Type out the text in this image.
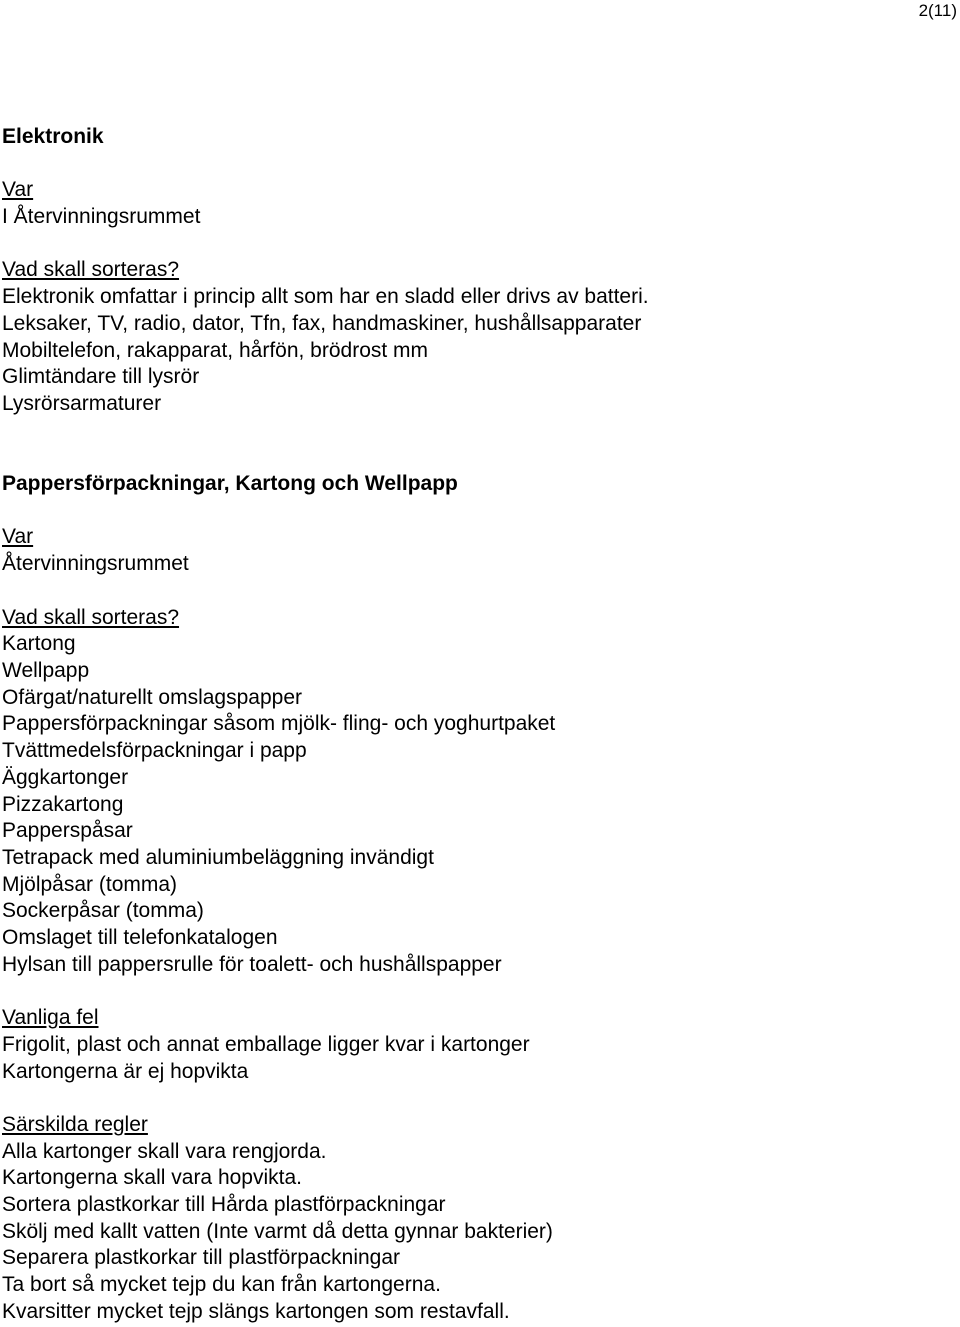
2(11)
Elektronik
Var
I Återvinningsrummet
Vad skall sorteras?
Elektronik omfattar i princip allt som har en sladd eller drivs av batteri.
Leksaker, TV, radio, dator, Tfn, fax, handmaskiner, hushållsapparater
Mobiltelefon, rakapparat, hårfön, brödrost mm
Glimtändare till lysrör
Lysrörsarmaturer
Pappersförpackningar, Kartong och Wellpapp
Var
Återvinningsrummet
Vad skall sorteras?
Kartong
Wellpapp
Ofärgat/naturellt omslagspapper
Pappersförpackningar såsom mjölk- fling- och yoghurtpaket
Tvättmedelsförpackningar i papp
Äggkartonger
Pizzakartong
Papperspåsar
Tetrapack med aluminiumbeläggning invändigt
Mjölpåsar (tomma)
Sockerpåsar (tomma)
Omslaget till telefonkatalogen
Hylsan till pappersrulle för toalett- och hushållspapper
Vanliga fel
Frigolit, plast och annat emballage ligger kvar i kartonger
Kartongerna är ej hopvikta
Särskilda regler
Alla kartonger skall vara rengjorda.
Kartongerna skall vara hopvikta.
Sortera plastkorkar till Hårda plastförpackningar
Skölj med kallt vatten (Inte varmt då detta gynnar bakterier)
Separera plastkorkar till plastförpackningar
Ta bort så mycket tejp du kan från kartongerna.
Kvarsitter mycket tejp slängs kartongen som restavfall.
